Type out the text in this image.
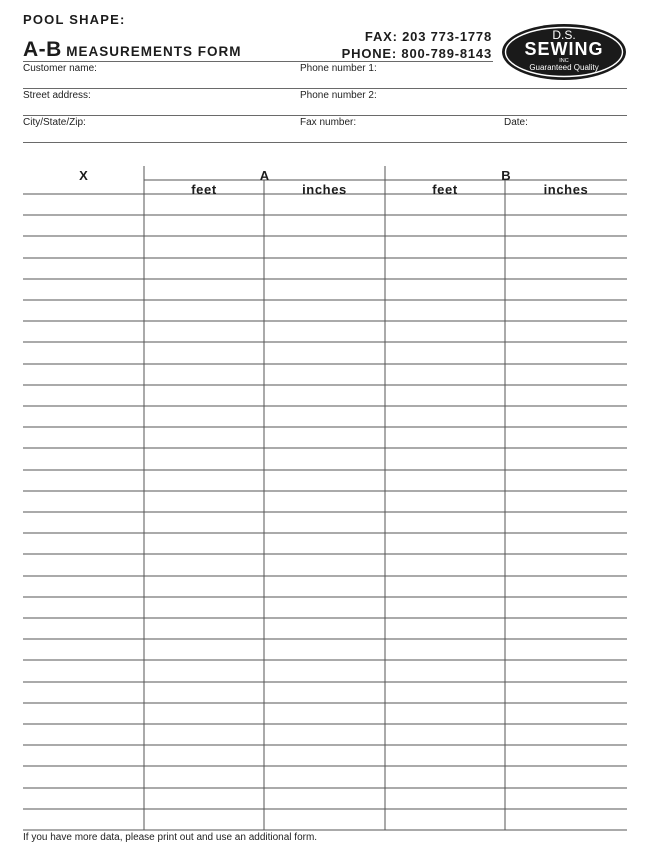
POOL SHAPE:
A-B MEASUREMENTS FORM
FAX: 203 773-1778
PHONE: 800-789-8143
D.S.
SEWING
INC
Guaranteed Quality
Customer name:	Phone number 1:
Street address:	Phone number 2:
City/State/Zip:	Fax number:	Date:
X	A	B
feet	inches	feet	inches
If you have more data, please print out and use an additional form.
